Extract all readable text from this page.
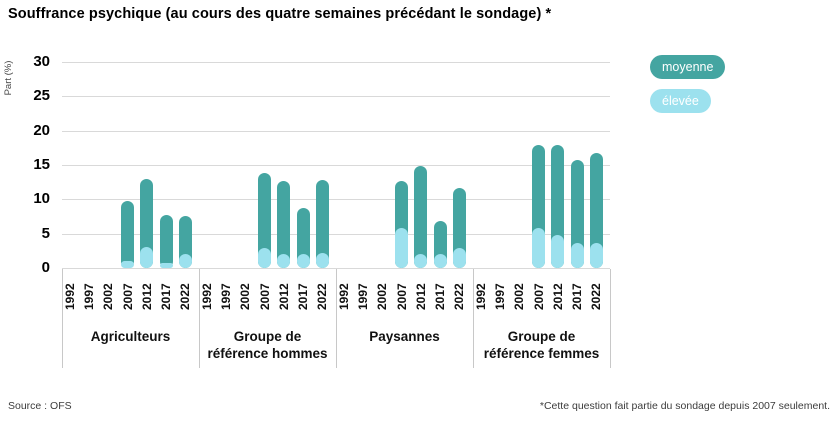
Souffrance psychique (au cours des quatre semaines précédant le sondage) *
Part (%)
0
5
10
15
20
25
30
1992 1997 2002 2007 2012 2017 2022
Agriculteurs
1992 1997 2002 2007 2012 2017 2022
Groupe de
référence hommes
1992 1997 2002 2007 2012 2017 2022
Paysannes
1992 1997 2002 2007 2012 2017 2022
Groupe de
référence femmes
moyenne
élevée
Source : OFS	*Cette question fait partie du sondage depuis 2007 seulement.
